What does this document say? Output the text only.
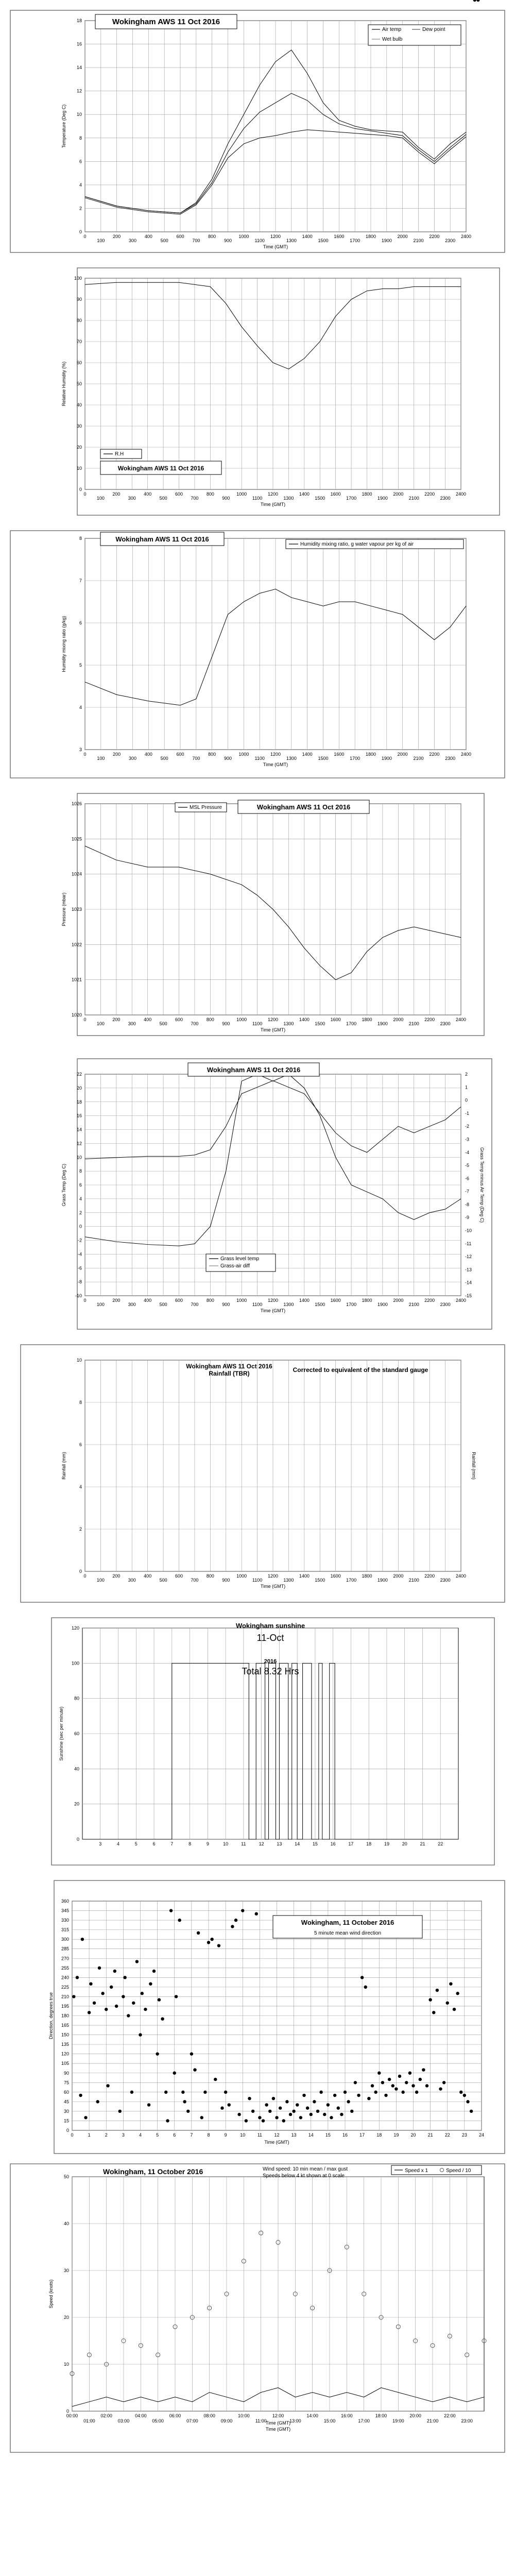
0
2
4
6
8
10
12
14
16
18
0
100
200
300
400
500
600
700
800
900
1000
1100
1200
1300
1400
1500
1600
1700
1800
1900
2000
2100
2200
2300
2400
Time (GMT)
Temperature (Deg C)
Wokingham AWS 11 Oct 2016
Air temp	Dew point
Wet bulb
0
10
20
30
40
50
60
70
80
90
100
0
100
200
300
400
500
600
700
800
900
1000
1100
1200
1300
1400
1500
1600
1700
1800
1900
2000
2100
2200
2300
2400
Time (GMT)
Relative Humidity (%)
R.H
Wokingham AWS 11 Oct 2016
3
4
5
6
7
8
0
100
200
300
400
500
600
700
800
900
1000
1100
1200
1300
1400
1500
1600
1700
1800
1900
2000
2100
2200
2300
2400
Time (GMT)
Humidity mixing ratio (g/kg)
Wokingham AWS 11 Oct 2016
Humidity mixing ratio, g water vapour per kg of air
1020
1021
1022
1023
1024
1025
1026
0
100
200
300
400
500
600
700
800
900
1000
1100
1200
1300
1400
1500
1600
1700
1800
1900
2000
2100
2200
2300
2400
Time (GMT)
Pressure (mbar)
MSL Pressure	Wokingham AWS 11 Oct 2016
-10
-8
-6
-4
-2
0
2
4
6
8
10
12
14
16
18
20
22
0
100
200
300
400
500
600
700
800
900
1000
1100
1200
1300
1400
1500
1600
1700
1800
1900
2000
2100
2200
2300
2400
Time (GMT)
Grass Temp (Deg C)
-15
-14
-13
-12
-11
-10
-9
-8
-7
-6
-5
-4
-3
-2
-1
0
1
2
Grass Temp minus Air Temp (Deg C)
Wokingham AWS 11 Oct 2016
Grass level temp
Grass-air diff
0
2
4
6
8
10
0
100
200
300
400
500
600
700
800
900
1000
1100
1200
1300
1400
1500
1600
1700
1800
1900
2000
2100
2200
2300
2400
Time (GMT)
Rainfall (mm)	Rainfall (mm)
Wokingham AWS 11 Oct 2016
Rainfall (TBR)	Corrected to equivalent of the standard gauge
0
20
40
60
80
100
120
3	4	5	6	7	8	9	10	11	12	13	14	15	16	17	18	19	20	21	22
Sunshine (sec per minute)
Wokingham sunshine
11-Oct
2016
Total 8.32 Hrs
0
15
30
45
60
75
90
105
120
135
150
165
180
195
210
225
240
255
270
285
300
315
330
345
360
0	1	2	3	4	5	6	7	8	9	10	11	12	13	14	15	16	17	18	19	20	21	22	23	24
Time (GMT)
Direction, degrees true
Wokingham, 11 October 2016
5 minute mean wind direction
0
10
20
30
40
50
Time (GMT)
Speed (knots)
00:00	02:00	04:00	06:00	08:00	10:00	12:00	14:00	16:00	18:00	20:00	22:00
01:00	03:00	05:00	07:00	09:00	11:00	13:00	15:00	17:00	19:00	21:00	23:00
Time (GMT)
Wokingham, 11 October 2016	Wind speed: 10 min mean / max gust
Speeds below 4 kt shown at 0 scale
Speed x 1	Speed / 10
